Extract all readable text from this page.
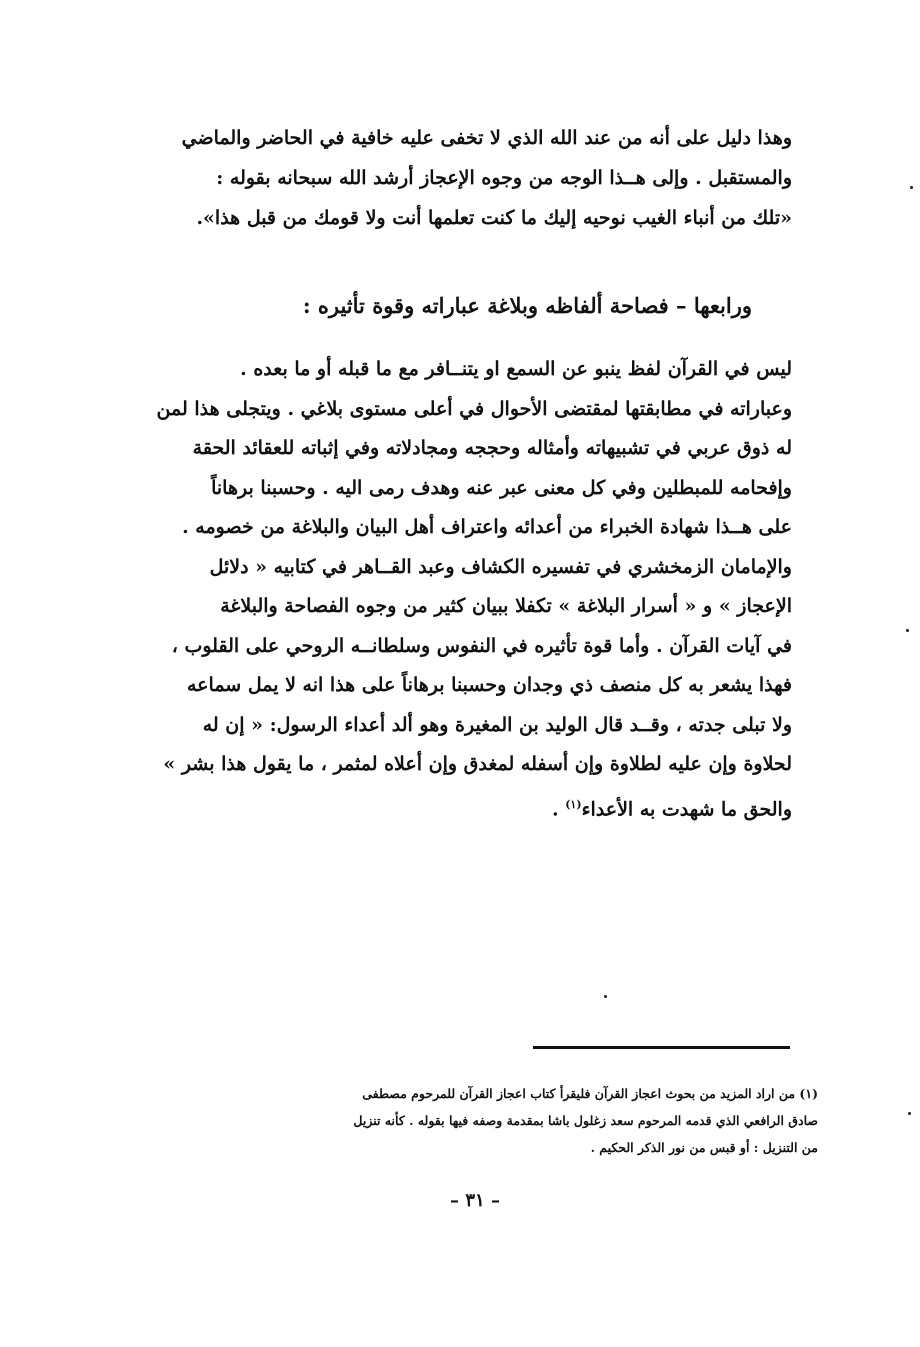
وهذا دليل على أنه من عند الله الذي لا تخفى عليه خافية في الحاضر والماضي
والمستقبل . وإلى هــذا الوجه من وجوه الإعجاز أرشد الله سبحانه بقوله :
«تلك من أنباء الغيب نوحيه إليك ما كنت تعلمها أنت ولا قومك من قبل هذا».
ورابعها – فصاحة ألفاظه وبلاغة عباراته وقوة تأثيره :
ليس في القرآن لفظ ينبو عن السمع او يتنــافر مع ما قبله أو ما بعده .
وعباراته في مطابقتها لمقتضى الأحوال في أعلى مستوى بلاغي . ويتجلى هذا لمن
له ذوق عربي في تشبيهاته وأمثاله وحججه ومجادلاته وفي إثباته للعقائد الحقة
وإفحامه للمبطلين وفي كل معنى عبر عنه وهدف رمى اليه . وحسبنا برهاناً
على هــذا شهادة الخبراء من أعدائه واعتراف أهل البيان والبلاغة من خصومه .
والإمامان الزمخشري في تفسيره الكشاف وعبد القــاهر في كتابيه « دلائل
الإعجاز » و « أسرار البلاغة » تكفلا ببيان كثير من وجوه الفصاحة والبلاغة
في آيات القرآن . وأما قوة تأثيره في النفوس وسلطانــه الروحي على القلوب ،
فهذا يشعر به كل منصف ذي وجدان وحسبنا برهاناً على هذا انه لا يمل سماعه
ولا تبلى جدته ، وقــد قال الوليد بن المغيرة وهو ألد أعداء الرسول: « إن له
لحلاوة وإن عليه لطلاوة وإن أسفله لمغدق وإن أعلاه لمثمر ، ما يقول هذا بشر »
والحق ما شهدت به الأعداء$^{(١)}$ .
(١) من اراد المزيد من بحوث اعجاز القرآن فليقرأ كتاب اعجاز القرآن للمرحوم مصطفى
صادق الرافعي الذي قدمه المرحوم سعد زغلول باشا بمقدمة وصفه فيها بقوله . كأنه تنزيل
من التنزيل : أو قبس من نور الذكر الحكيم .
– ٣١ –
